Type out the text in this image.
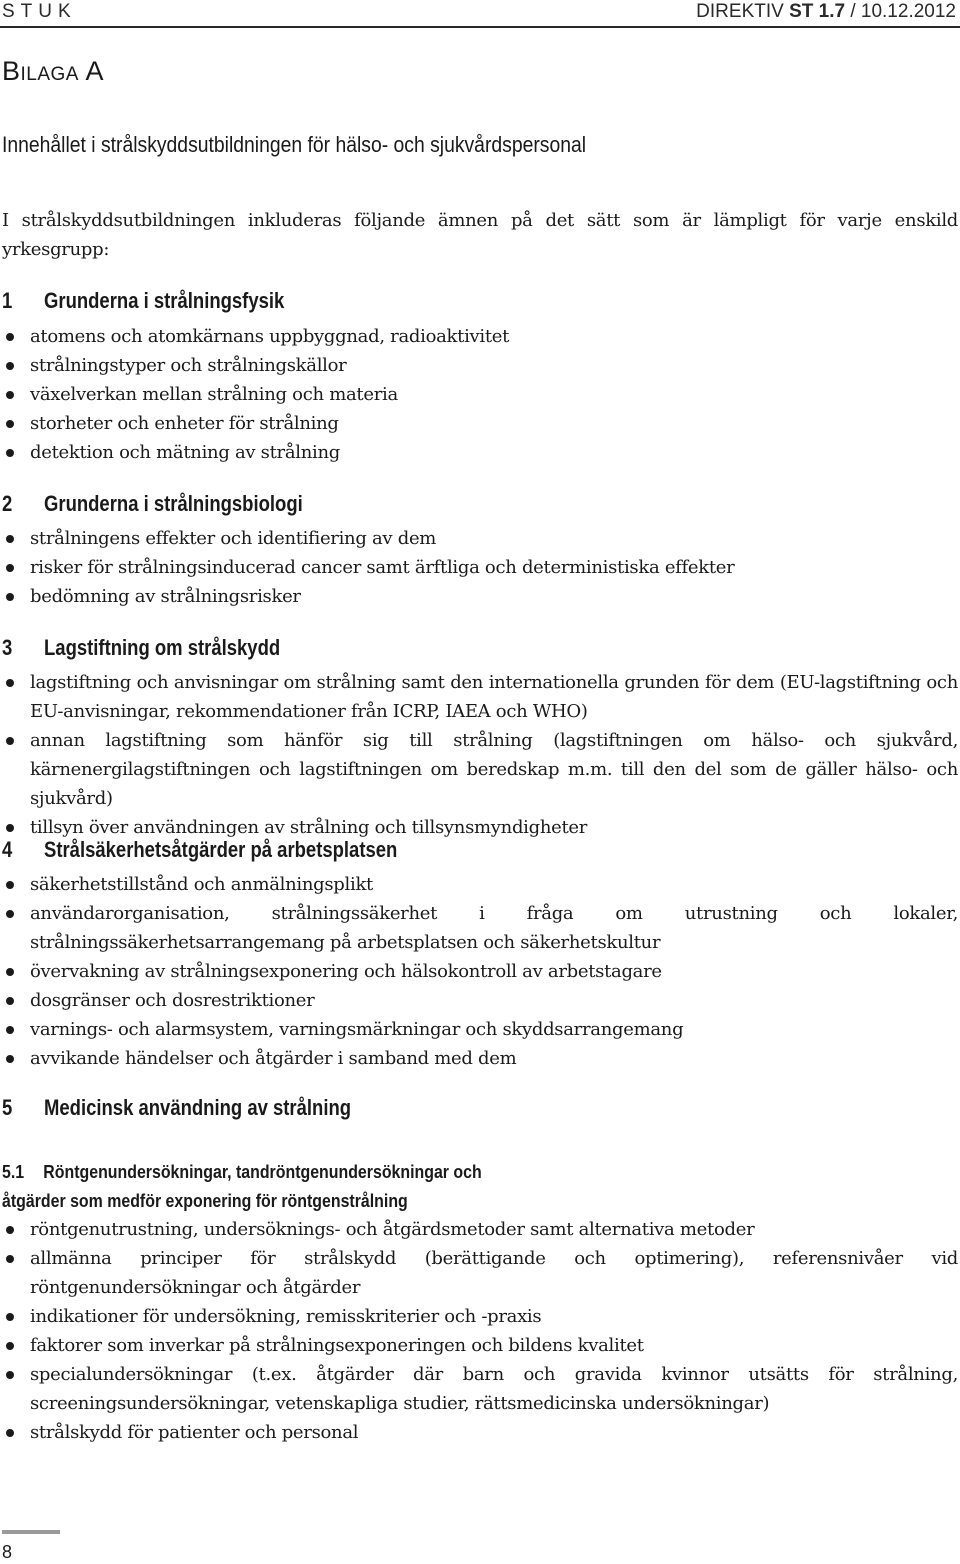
STUK	DIREKTIV ST 1.7 / 10.12.2012
Bilaga A
Innehållet i strålskyddsutbildningen för hälso- och sjukvårdspersonal
I strålskyddsutbildningen inkluderas följande ämnen på det sätt som är lämpligt för varje enskild yrkesgrupp:
1 Grunderna i strålningsfysik
atomens och atomkärnans uppbyggnad, radioaktivitet
strålningstyper och strålningskällor
växelverkan mellan strålning och materia
storheter och enheter för strålning
detektion och mätning av strålning
2 Grunderna i strålningsbiologi
strålningens effekter och identifiering av dem
risker för strålningsinducerad cancer samt ärftliga och deterministiska effekter
bedömning av strålningsrisker
3 Lagstiftning om strålskydd
lagstiftning och anvisningar om strålning samt den internationella grunden för dem (EU-lagstiftning och EU-anvisningar, rekommendationer från ICRP, IAEA och WHO)
annan lagstiftning som hänför sig till strålning (lagstiftningen om hälso- och sjukvård, kärnenergilagstiftningen och lagstiftningen om beredskap m.m. till den del som de gäller hälso- och sjukvård)
tillsyn över användningen av strålning och tillsynsmyndigheter
4 Strålsäkerhetsåtgärder på arbetsplatsen
säkerhetstillstånd och anmälningsplikt
användarorganisation, strålningssäkerhet i fråga om utrustning och lokaler, strålningssäkerhetsarrangemang på arbetsplatsen och säkerhetskultur
övervakning av strålningsexponering och hälsokontroll av arbetstagare
dosgränser och dosrestriktioner
varnings- och alarmsystem, varningsmärkningar och skyddsarrangemang
avvikande händelser och åtgärder i samband med dem
5 Medicinsk användning av strålning
5.1 Röntgenundersökningar, tandröntgenundersökningar och
åtgärder som medför exponering för röntgenstrålning
röntgenutrustning, undersöknings- och åtgärdsmetoder samt alternativa metoder
allmänna principer för strålskydd (berättigande och optimering), referensnivåer vid röntgenundersökningar och åtgärder
indikationer för undersökning, remisskriterier och -praxis
faktorer som inverkar på strålningsexponeringen och bildens kvalitet
specialundersökningar (t.ex. åtgärder där barn och gravida kvinnor utsätts för strålning, screeningsundersökningar, vetenskapliga studier, rättsmedicinska undersökningar)
strålskydd för patienter och personal
8
